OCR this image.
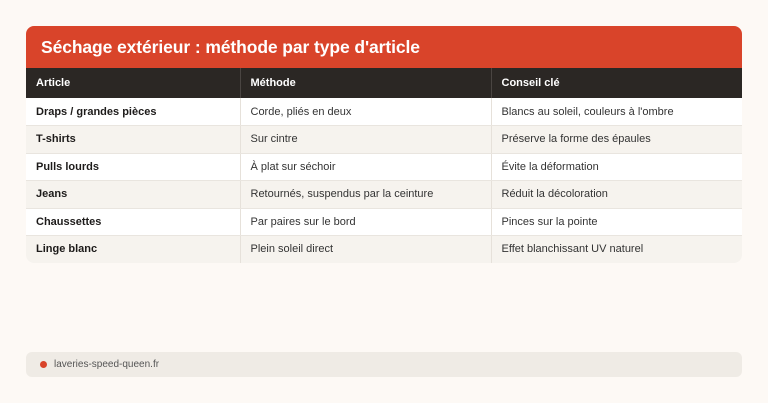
Séchage extérieur : méthode par type d'article
Article	Méthode	Conseil clé
Draps / grandes pièces	Corde, pliés en deux	Blancs au soleil, couleurs à l'ombre
T-shirts	Sur cintre	Préserve la forme des épaules
Pulls lourds	À plat sur séchoir	Évite la déformation
Jeans	Retournés, suspendus par la ceinture	Réduit la décoloration
Chaussettes	Par paires sur le bord	Pinces sur la pointe
Linge blanc	Plein soleil direct	Effet blanchissant UV naturel
laveries-speed-queen.fr
